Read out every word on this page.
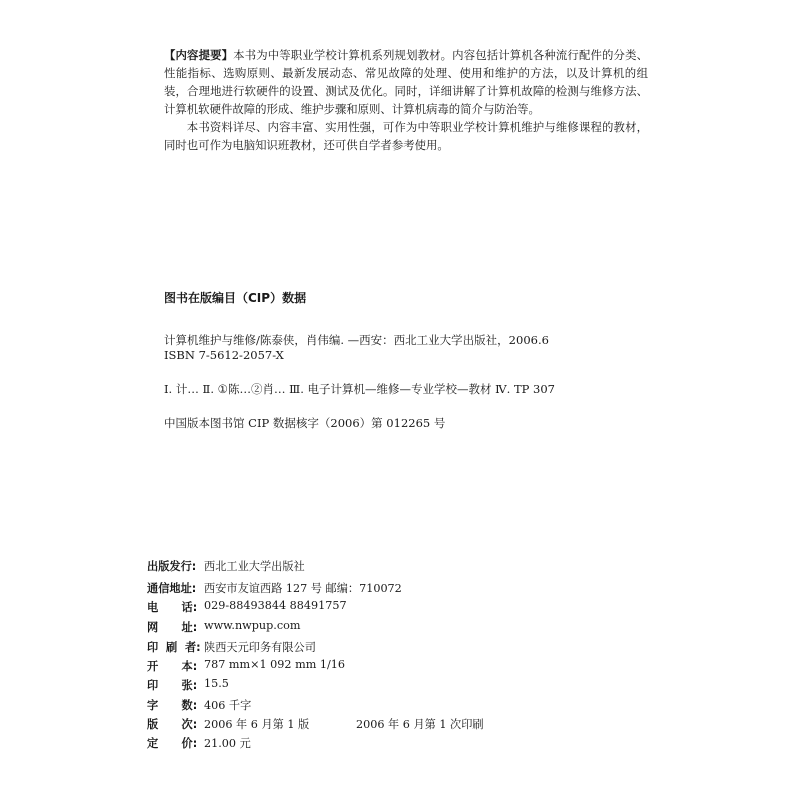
【内容提要】本书为中等职业学校计算机系列规划教材。内容包括计算机各种流行配件的分类、性能指标、选购原则、最新发展动态、常见故障的处理、使用和维护的方法，以及计算机的组装，合理地进行软硬件的设置、测试及优化。同时，详细讲解了计算机故障的检测与维修方法、计算机软硬件故障的形成、维护步骤和原则、计算机病毒的简介与防治等。

本书资料详尽、内容丰富、实用性强，可作为中等职业学校计算机维护与维修课程的教材，同时也可作为电脑知识班教材，还可供自学者参考使用。

图书在版编目（CIP）数据
计算机维护与维修/陈泰侠，肖伟编. —西安：西北工业大学出版社，2006.6
ISBN 7-5612-2057-X
Ⅰ. 计… Ⅱ. ①陈…②肖… Ⅲ. 电子计算机—维修—专业学校—教材 Ⅳ. TP 307
中国版本图书馆 CIP 数据核字（2006）第 012265 号
出版发行: 西北工业大学出版社
通信地址: 西安市友谊西路 127 号 邮编：710072
电      话: 029-88493844 88491757
网      址: www.nwpup.com
印  刷  者: 陕西天元印务有限公司
开      本: 787 mm×1 092 mm 1/16
印      张: 15.5
字      数: 406 千字
版      次: 2006 年 6 月第 1 版	2006 年 6 月第 1 次印刷
定      价: 21.00 元
